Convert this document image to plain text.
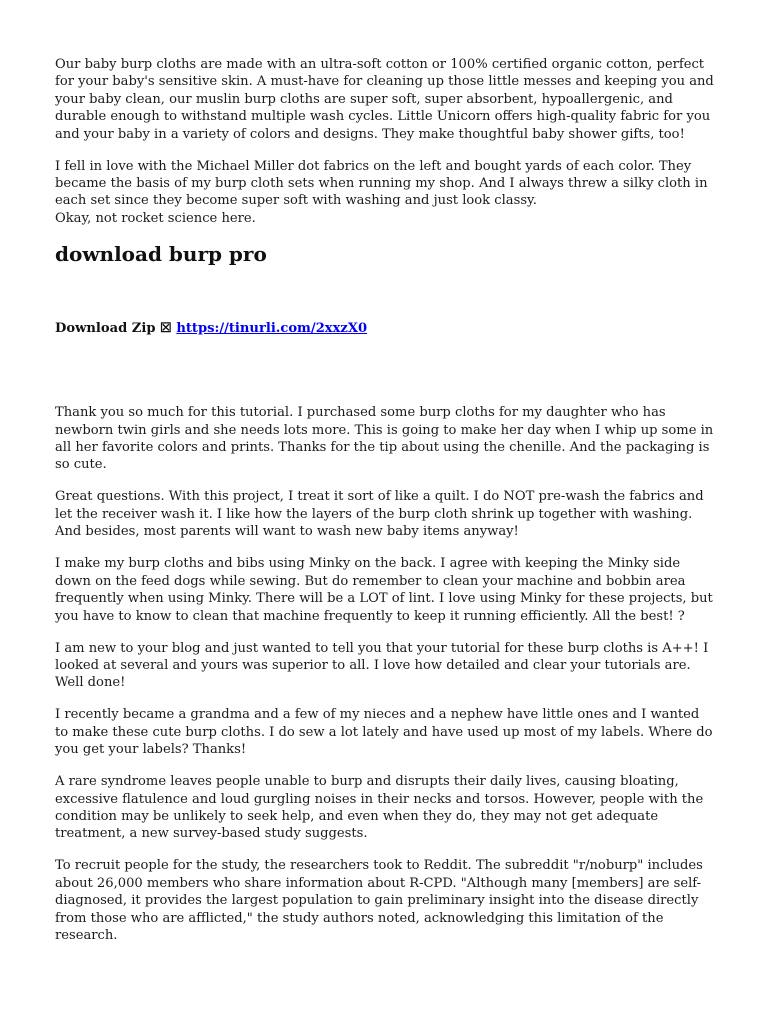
Our baby burp cloths are made with an ultra-soft cotton or 100% certified organic cotton, perfect for your baby's sensitive skin. A must-have for cleaning up those little messes and keeping you and your baby clean, our muslin burp cloths are super soft, super absorbent, hypoallergenic, and durable enough to withstand multiple wash cycles. Little Unicorn offers high-quality fabric for you and your baby in a variety of colors and designs. They make thoughtful baby shower gifts, too!

I fell in love with the Michael Miller dot fabrics on the left and bought yards of each color. They became the basis of my burp cloth sets when running my shop. And I always threw a silky cloth in each set since they become super soft with washing and just look classy.

Okay, not rocket science here.

download burp pro
Download Zip ☒ https://tinurli.com/2xxzX0

Thank you so much for this tutorial. I purchased some burp cloths for my daughter who has newborn twin girls and she needs lots more. This is going to make her day when I whip up some in all her favorite colors and prints. Thanks for the tip about using the chenille. And the packaging is so cute.

Great questions. With this project, I treat it sort of like a quilt. I do NOT pre-wash the fabrics and let the receiver wash it. I like how the layers of the burp cloth shrink up together with washing. And besides, most parents will want to wash new baby items anyway!

I make my burp cloths and bibs using Minky on the back. I agree with keeping the Minky side down on the feed dogs while sewing. But do remember to clean your machine and bobbin area frequently when using Minky. There will be a LOT of lint. I love using Minky for these projects, but you have to know to clean that machine frequently to keep it running efficiently. All the best! ?

I am new to your blog and just wanted to tell you that your tutorial for these burp cloths is A++! I looked at several and yours was superior to all. I love how detailed and clear your tutorials are. Well done!

I recently became a grandma and a few of my nieces and a nephew have little ones and I wanted to make these cute burp cloths. I do sew a lot lately and have used up most of my labels. Where do you get your labels? Thanks!

A rare syndrome leaves people unable to burp and disrupts their daily lives, causing bloating, excessive flatulence and loud gurgling noises in their necks and torsos. However, people with the condition may be unlikely to seek help, and even when they do, they may not get adequate treatment, a new survey-based study suggests.

To recruit people for the study, the researchers took to Reddit. The subreddit "r/noburp" includes about 26,000 members who share information about R-CPD. "Although many [members] are self-diagnosed, it provides the largest population to gain preliminary insight into the disease directly from those who are afflicted," the study authors noted, acknowledging this limitation of the research.
